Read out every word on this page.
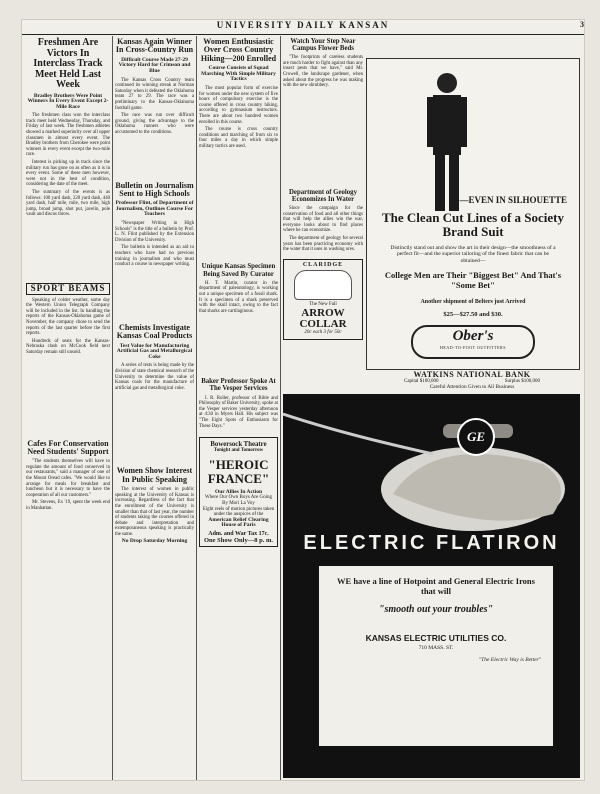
UNIVERSITY DAILY KANSAN	3
Freshmen Are Victors In Interclass Track Meet Held Last Week
Bradley Brothers Were Point Winners In Every Event Except 2-Mile Race

The freshmen class won the interclass track meet held Wednesday, Thursday, and Friday of last week. The freshmen athletes showed a marked superiority over all upper classmen in almost every event. The Bradley brothers from Cherokee were point winners in every event except the two-mile race.

Interest is picking up in track since the military run has gone on as often as it is in every event. Some of these men however, were not in the best of condition, considering the date of the meet.

The summary of the events is as follows: 100 yard dash, 220 yard dash, 440 yard dash, half mile, mile, two mile, high jump, broad jump, shot put, javelin, pole vault and discus throw.

SPORT BEAMS

Speaking of colder weather, some day the Western Union Telegraph Company will be included in the list. In handling the reports of the Kansas-Oklahoma game of November, the company chose to send the reports of the last quarter before the first reports.

Hundreds of seats for the Kansas-Nebraska clash on McCook field next Saturday remain still unsold.

Cafes For Conservation Need Students' Support

"The students themselves will have to regulate the amount of food conserved in our restaurants," said a manager of one of the Mount Oread cafes. "We would like to arrange for meals for breakfast and luncheon but it is necessary to have the cooperation of all our customers."

Mr. Stevens, Ex '19, spent the week end in Manhattan.

Kansas Again Winner In Cross-Country Run
Difficult Course Made 27-29 Victory Hard for Crimson and Blue

The Kansas Cross Country team continued its winning streak at Norman Saturday when it defeated the Oklahoma team 27 to 29. The race was a preliminary to the Kansas-Oklahoma football game.

The race was run over difficult ground, giving the advantage to the Oklahoma runners who were accustomed to the conditions.

Bulletin on Journalism Sent to High Schools
Professor Flint, of Department of Journalism, Outlines Course For Teachers

"Newspaper Writing in High Schools" is the title of a bulletin by Prof. L. N. Flint published by the Extension Division of the University.

The bulletin is intended as an aid to teachers who have had no previous training in journalism and who must conduct a course in newspaper writing.

Chemists Investigate Kansas Coal Products
Test Value for Manufacturing Artificial Gas and Metallurgical Coke

A series of tests is being made by the division of state chemical research of the University to determine the value of Kansas coals for the manufacture of artificial gas and metallurgical coke.

Women Show Interest In Public Speaking

The interest of women in public speaking at the University of Kansas is increasing. Regardless of the fact that the enrollment of the University is smaller than that of last year, the number of students taking the courses offered in debate and interpretation and extemporaneous speaking is practically the same.

No Drop Saturday Morning
Women Enthusiastic Over Cross Country Hiking—200 Enrolled
Course Consists of Squad Marching With Simple Military Tactics

The most popular form of exercise for women under the new system of five hours of compulsory exercise is the course offered in cross country hiking, according to gymnasium instructors. There are about two hundred women enrolled in this course.

The course is cross country conditions and marching of from six to four miles a day in which simple military tactics are used.

Unique Kansas Specimen Being Saved By Curator

H. T. Martin, curator in the department of paleontology, is working out a unique specimen of a fossil shark. It is a specimen of a shark preserved with the skull intact, owing to the fact that sharks are cartilaginous.

Baker Professor Spoke At The Vesper Services

I. R. Roller, professor of Bible and Philosophy of Baker University, spoke at the Vesper services yesterday afternoon at 4:30 in Myers Hall. His subject was "The Eight Spots of Enthusiasm for These Days."

Bowersock Theatre
Tonight and Tomorrow
"HEROIC FRANCE"
Our Allies In Action
Where Our Own Boys Are Going
By Mori La Voy
Eight reels of motion pictures taken under the auspices of the
American Relief Clearing House of Paris
Adm. and War Tax 17c.
One Show Only—8 p. m.
Watch Your Step Near Campus Flower Beds

"The footprints of careless students are much harder to fight against than any insect pests that we have," said Mr. Crowell, the landscape gardener, when asked about the progress he was making with the new shrubbery.

Department of Geology Economizes In Water

Since the campaign for the conservation of food and all other things that will help the allies win the war, everyone looks about to find places where he can economize.

The department of geology for several years has been practicing economy with the water that it uses in washing ores.

CLARIDGE
The New Fall
ARROW COLLAR
20c each 3 for 50c
—EVEN IN SILHOUETTE
The Clean Cut Lines of a Society Brand Suit
Distinctly stand out and show the art in their design—the smoothness of a perfect fit—and the superior tailoring of the finest fabric that can be obtained—
College Men are Their "Biggest Bet" And That's "Some Bet"
Another shipment of Belters just Arrived
$25—$27.50 and $30.
Ober's
HEAD-TO-FOOT OUTFITTERS
WATKINS NATIONAL BANK
Capital $100,000	Surplus $100,000
Careful Attention Given to All Business
GE
ELECTRIC FLATIRON
WE have a line of Hotpoint and General Electric Irons that will
"smooth out your troubles"
KANSAS ELECTRIC UTILITIES CO.
710 MASS. ST.
"The Electric Way is Better"
